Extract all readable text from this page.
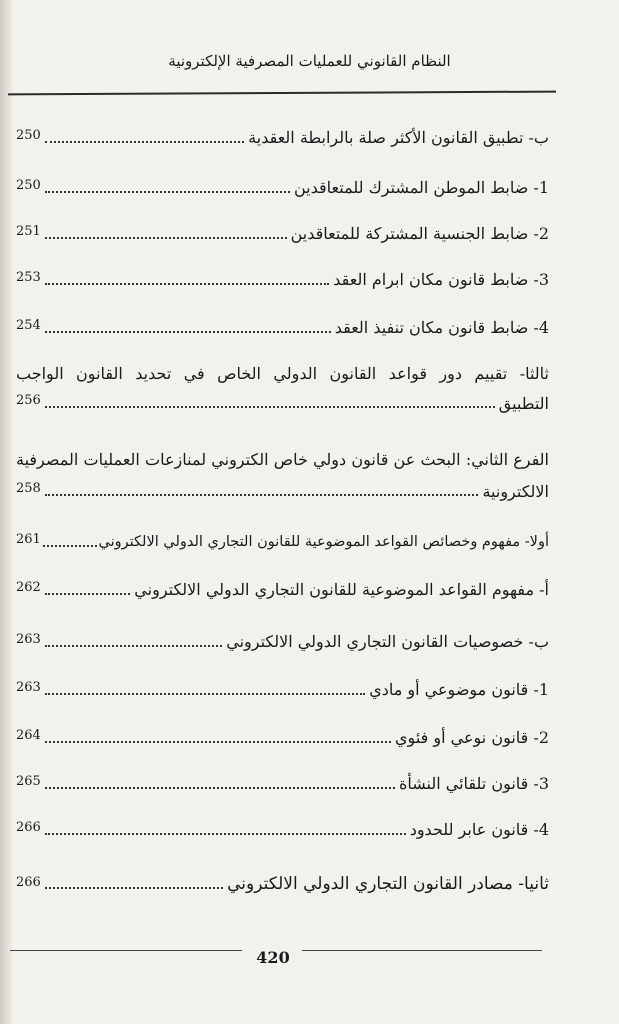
النظام القانوني للعمليات المصرفية الإلكترونية
ب- تطبيق القانون الأكثر صلة بالرابطة العقدية
250
1- ضابط الموطن المشترك للمتعاقدين
250
2- ضابط الجنسية المشتركة للمتعاقدين
251
3- ضابط قانون مكان ابرام العقد
253
4- ضابط قانون مكان تنفيذ العقد
254
ثالثا- تقييم دور قواعد القانون الدولي الخاص في تحديد القانون الواجب
التطبيق
256
الفرع الثاني: البحث عن قانون دولي خاص الكتروني لمنازعات العمليات المصرفية
الالكترونية
258
أولا- مفهوم وخصائص القواعد الموضوعية للقانون التجاري الدولي الالكتروني
261
أ- مفهوم القواعد الموضوعية للقانون التجاري الدولي الالكتروني
262
ب- خصوصيات القانون التجاري الدولي الالكتروني
263
1- قانون موضوعي أو مادي
263
2- قانون نوعي أو فئوي
264
3- قانون تلقائي النشأة
265
4- قانون عابر للحدود
266
ثانيا- مصادر القانون التجاري الدولي الالكتروني
266
420
